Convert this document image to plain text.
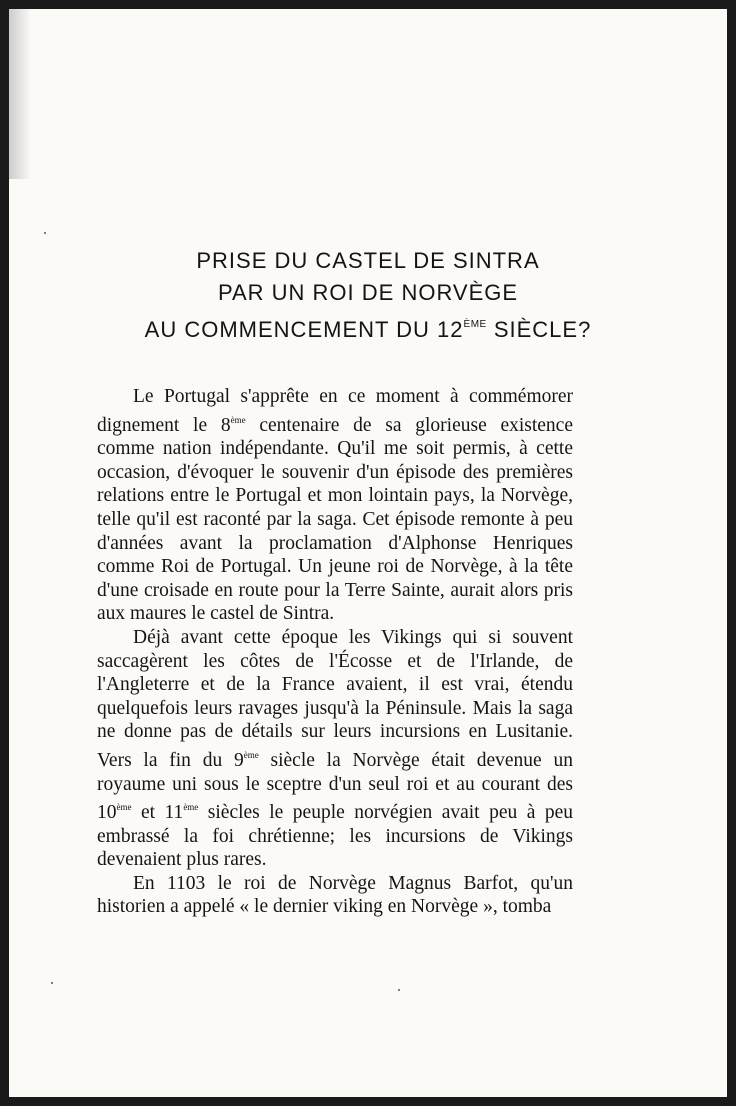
PRISE DU CASTEL DE SINTRA
PAR UN ROI DE NORVÈGE
AU COMMENCEMENT DU 12ÈME SIÈCLE?

Le Portugal s'apprête en ce moment à commémorer dignement le 8ème centenaire de sa glorieuse existence comme nation indépendante. Qu'il me soit permis, à cette occasion, d'évoquer le souvenir d'un épisode des premières relations entre le Portugal et mon lointain pays, la Norvège, telle qu'il est raconté par la saga. Cet épisode remonte à peu d'années avant la proclamation d'Alphonse Henriques comme Roi de Portugal. Un jeune roi de Norvège, à la tête d'une croisade en route pour la Terre Sainte, aurait alors pris aux maures le castel de Sintra.

Déjà avant cette époque les Vikings qui si souvent saccagèrent les côtes de l'Écosse et de l'Irlande, de l'Angleterre et de la France avaient, il est vrai, étendu quelquefois leurs ravages jusqu'à la Péninsule. Mais la saga ne donne pas de détails sur leurs incursions en Lusitanie. Vers la fin du 9ème siècle la Norvège était devenue un royaume uni sous le sceptre d'un seul roi et au courant des 10ème et 11ème siècles le peuple norvégien avait peu à peu embrassé la foi chrétienne; les incursions de Vikings devenaient plus rares.

En 1103 le roi de Norvège Magnus Barfot, qu'un historien a appelé « le dernier viking en Norvège », tomba
